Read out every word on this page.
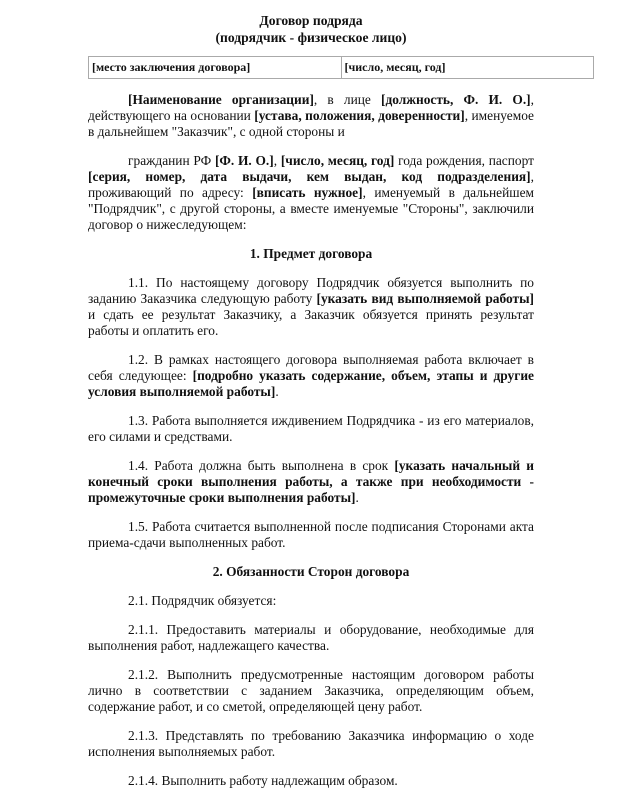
Договор подряда
(подрядчик - физическое лицо)
[место заключения договора]	[число, месяц, год]

[Наименование организации], в лице [должность, Ф. И. О.], действующего на основании [устава, положения, доверенности], именуемое в дальнейшем "Заказчик", с одной стороны и

гражданин РФ [Ф. И. О.], [число, месяц, год] года рождения, паспорт [серия, номер, дата выдачи, кем выдан, код подразделения], проживающий по адресу: [вписать нужное], именуемый в дальнейшем "Подрядчик", с другой стороны, а вместе именуемые "Стороны", заключили договор о нижеследующем:

1. Предмет договора

1.1. По настоящему договору Подрядчик обязуется выполнить по заданию Заказчика следующую работу [указать вид выполняемой работы] и сдать ее результат Заказчику, а Заказчик обязуется принять результат работы и оплатить его.

1.2. В рамках настоящего договора выполняемая работа включает в себя следующее: [подробно указать содержание, объем, этапы и другие условия выполняемой работы].

1.3. Работа выполняется иждивением Подрядчика - из его материалов, его силами и средствами.

1.4. Работа должна быть выполнена в срок [указать начальный и конечный сроки выполнения работы, а также при необходимости - промежуточные сроки выполнения работы].

1.5. Работа считается выполненной после подписания Сторонами акта приема-сдачи выполненных работ.

2. Обязанности Сторон договора

2.1. Подрядчик обязуется:

2.1.1. Предоставить материалы и оборудование, необходимые для выполнения работ, надлежащего качества.

2.1.2. Выполнить предусмотренные настоящим договором работы лично в соответствии с заданием Заказчика, определяющим объем, содержание работ, и со сметой, определяющей цену работ.

2.1.3. Представлять по требованию Заказчика информацию о ходе исполнения выполняемых работ.

2.1.4. Выполнить работу надлежащим образом.
